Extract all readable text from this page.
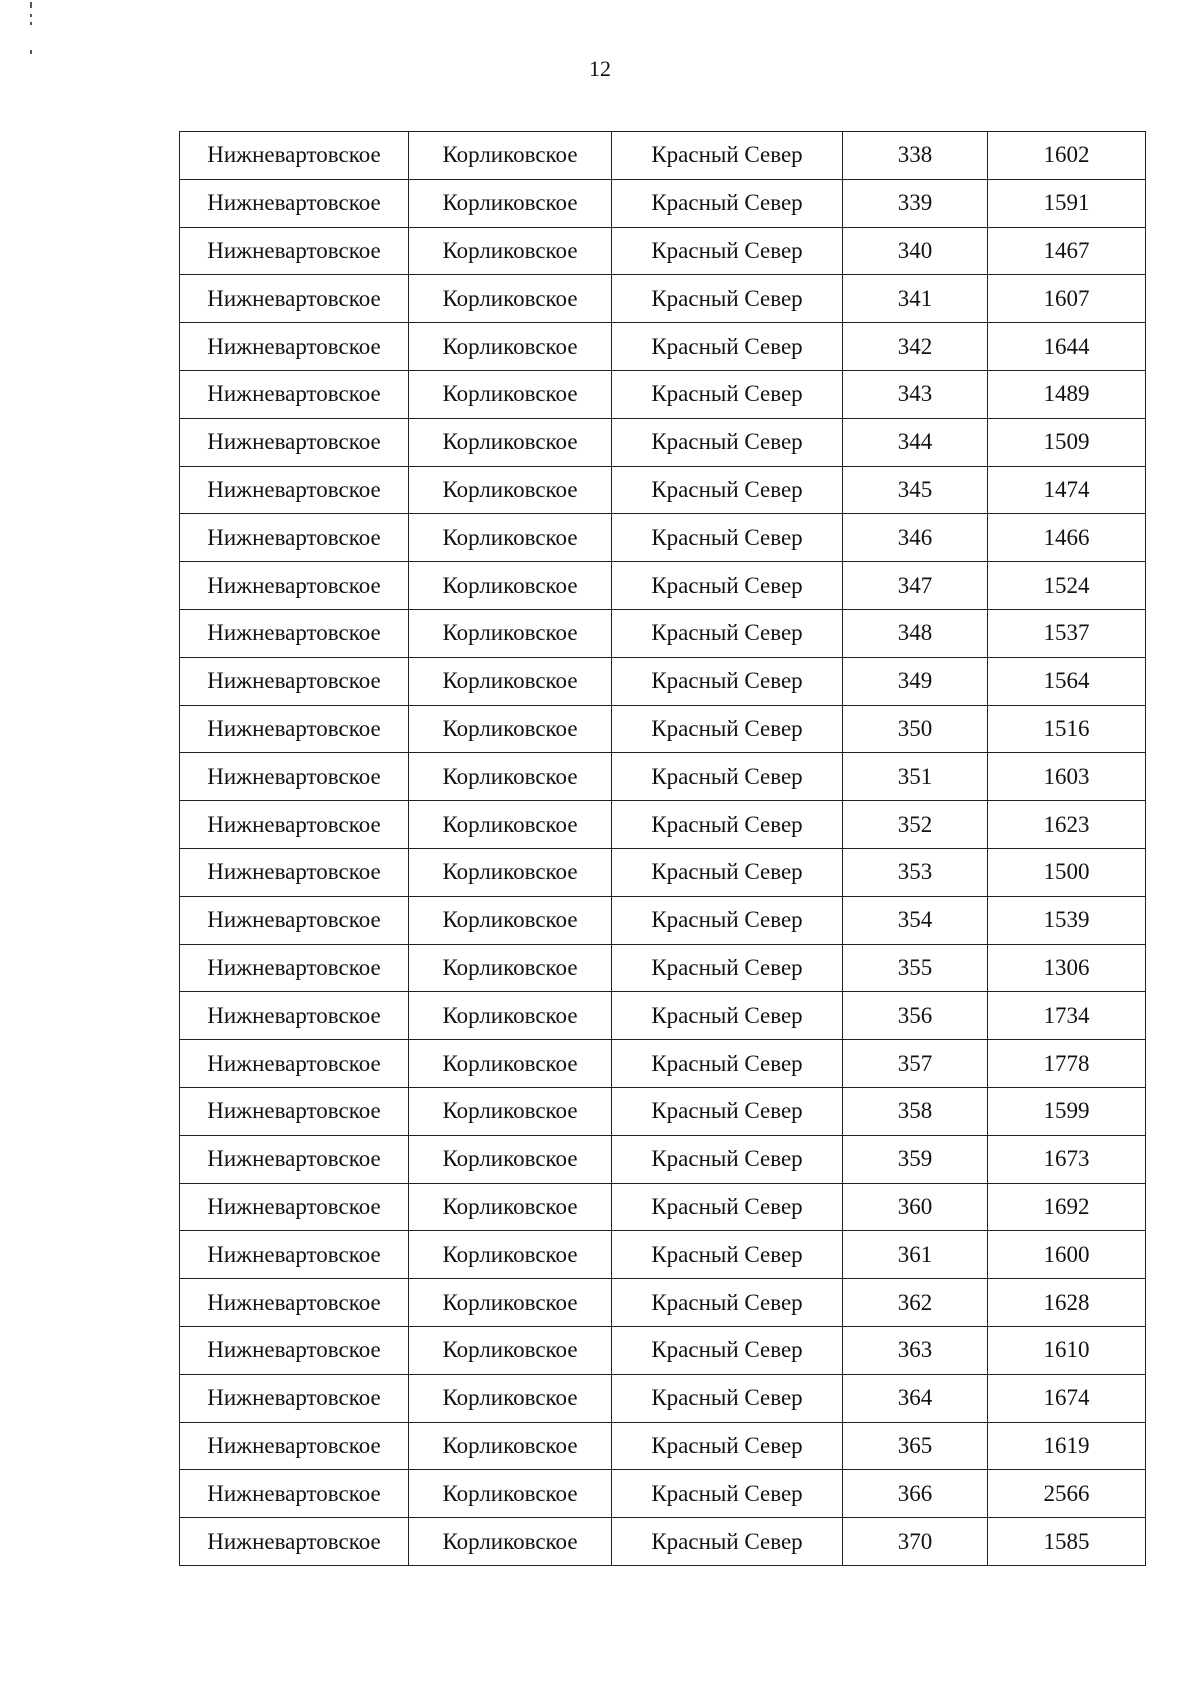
12
Нижневартовское	Корликовское	Красный Север	338	1602
Нижневартовское	Корликовское	Красный Север	339	1591
Нижневартовское	Корликовское	Красный Север	340	1467
Нижневартовское	Корликовское	Красный Север	341	1607
Нижневартовское	Корликовское	Красный Север	342	1644
Нижневартовское	Корликовское	Красный Север	343	1489
Нижневартовское	Корликовское	Красный Север	344	1509
Нижневартовское	Корликовское	Красный Север	345	1474
Нижневартовское	Корликовское	Красный Север	346	1466
Нижневартовское	Корликовское	Красный Север	347	1524
Нижневартовское	Корликовское	Красный Север	348	1537
Нижневартовское	Корликовское	Красный Север	349	1564
Нижневартовское	Корликовское	Красный Север	350	1516
Нижневартовское	Корликовское	Красный Север	351	1603
Нижневартовское	Корликовское	Красный Север	352	1623
Нижневартовское	Корликовское	Красный Север	353	1500
Нижневартовское	Корликовское	Красный Север	354	1539
Нижневартовское	Корликовское	Красный Север	355	1306
Нижневартовское	Корликовское	Красный Север	356	1734
Нижневартовское	Корликовское	Красный Север	357	1778
Нижневартовское	Корликовское	Красный Север	358	1599
Нижневартовское	Корликовское	Красный Север	359	1673
Нижневартовское	Корликовское	Красный Север	360	1692
Нижневартовское	Корликовское	Красный Север	361	1600
Нижневартовское	Корликовское	Красный Север	362	1628
Нижневартовское	Корликовское	Красный Север	363	1610
Нижневартовское	Корликовское	Красный Север	364	1674
Нижневартовское	Корликовское	Красный Север	365	1619
Нижневартовское	Корликовское	Красный Север	366	2566
Нижневартовское	Корликовское	Красный Север	370	1585
